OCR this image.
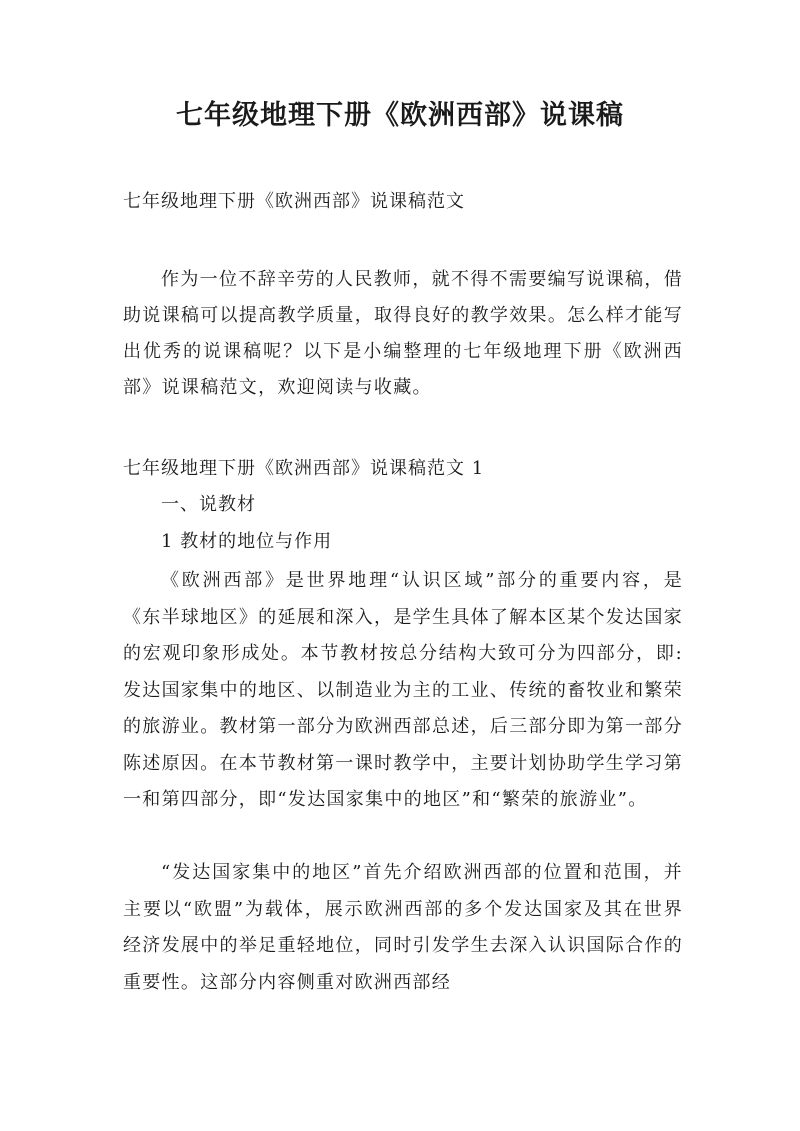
七年级地理下册《欧洲西部》说课稿

七年级地理下册《欧洲西部》说课稿范文

作为一位不辞辛劳的人民教师，就不得不需要编写说课稿，借助说课稿可以提高教学质量，取得良好的教学效果。怎么样才能写出优秀的说课稿呢？以下是小编整理的七年级地理下册《欧洲西部》说课稿范文，欢迎阅读与收藏。

七年级地理下册《欧洲西部》说课稿范文 1

一、说教材

1 教材的地位与作用

《欧洲西部》是世界地理“认识区域”部分的重要内容，是《东半球地区》的延展和深入，是学生具体了解本区某个发达国家的宏观印象形成处。本节教材按总分结构大致可分为四部分，即: 发达国家集中的地区、以制造业为主的工业、传统的畜牧业和繁荣的旅游业。教材第一部分为欧洲西部总述，后三部分即为第一部分陈述原因。在本节教材第一课时教学中，主要计划协助学生学习第一和第四部分，即“发达国家集中的地区”和“繁荣的旅游业”。

“发达国家集中的地区”首先介绍欧洲西部的位置和范围，并主要以“欧盟”为载体，展示欧洲西部的多个发达国家及其在世界经济发展中的举足重轻地位，同时引发学生去深入认识国际合作的重要性。这部分内容侧重对欧洲西部经
